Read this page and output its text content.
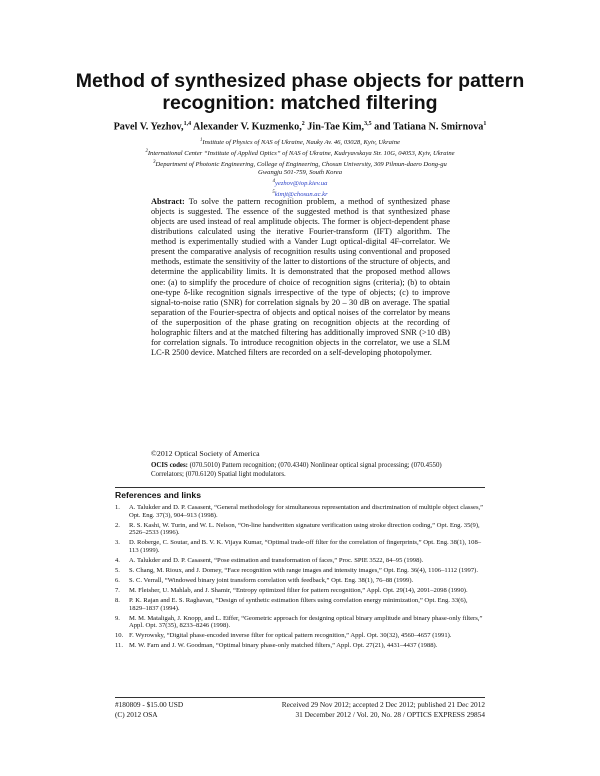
Method of synthesized phase objects for pattern
recognition: matched filtering
Pavel V. Yezhov,$^{1,4}$ Alexander V. Kuzmenko,$^2$ Jin-Tae Kim,$^{3,5}$ and Tatiana N. Smirnova$^1$
$^1$Institute of Physics of NAS of Ukraine, Nauky Av. 46, 03028, Kyiv, Ukraine
$^2$International Center “Institute of Applied Optics” of NAS of Ukraine, Kudryavskaya Str. 10G, 04053, Kyiv, Ukraine
$^3$Department of Photonic Engineering, College of Engineering, Chosun University, 309 Pilmun-daero Dong-gu
Gwangju 501-759, South Korea
$^4$yezhov@iop.kiev.ua
$^5$kimjt@chosun.ac.kr
Abstract: To solve the pattern recognition problem, a method of synthesized phase objects is suggested. The essence of the suggested method is that synthesized phase objects are used instead of real amplitude objects. The former is object-dependent phase distributions calculated using the iterative Fourier-transform (IFT) algorithm. The method is experimentally studied with a Vander Lugt optical-digital 4F-correlator. We present the comparative analysis of recognition results using conventional and proposed methods, estimate the sensitivity of the latter to distortions of the structure of objects, and determine the applicability limits. It is demonstrated that the proposed method allows one: (a) to simplify the procedure of choice of recognition signs (criteria); (b) to obtain one-type δ-like recognition signals irrespective of the type of objects; (c) to improve signal-to-noise ratio (SNR) for correlation signals by 20 – 30 dB on average. The spatial separation of the Fourier-spectra of objects and optical noises of the correlator by means of the superposition of the phase grating on recognition objects at the recording of holographic filters and at the matched filtering has additionally improved SNR (>10 dB) for correlation signals. To introduce recognition objects in the correlator, we use a SLM LC-R 2500 device. Matched filters are recorded on a self-developing photopolymer.
©2012 Optical Society of America
OCIS codes: (070.5010) Pattern recognition; (070.4340) Nonlinear optical signal processing; (070.4550) Correlators; (070.6120) Spatial light modulators.
References and links
1.	A. Talukder and D. P. Casasent, “General methodology for simultaneous representation and discrimination of multiple object classes,” Opt. Eng. 37(3), 904–913 (1998).
2.	R. S. Kashi, W. Turin, and W. L. Nelson, “On-line handwritten signature verification using stroke direction coding,” Opt. Eng. 35(9), 2526–2533 (1996).
3.	D. Roberge, C. Soutar, and B. V. K. Vijaya Kumar, “Optimal trade-off filter for the correlation of fingerprints,” Opt. Eng. 38(1), 108–113 (1999).
4.	A. Talukder and D. P. Casasent, “Pose estimation and transformation of faces,” Proc. SPIE 3522, 84–95 (1998).
5.	S. Chang, M. Rioux, and J. Domey, “Face recognition with range images and intensity images,” Opt. Eng. 36(4), 1106–1112 (1997).
6.	S. C. Verrall, “Windowed binary joint transform correlation with feedback,” Opt. Eng. 38(1), 76–88 (1999).
7.	M. Fleisher, U. Mahlab, and J. Shamir, “Entropy optimized filter for pattern recognition,” Appl. Opt. 29(14), 2091–2098 (1990).
8.	P. K. Rajan and E. S. Raghavan, “Design of synthetic estimation filters using correlation energy minimization,” Opt. Eng. 33(6), 1829–1837 (1994).
9.	M. M. Mataligah, J. Knopp, and L. Eiffer, “Geometric approach for designing optical binary amplitude and binary phase-only filters,” Appl. Opt. 37(35), 8233–8246 (1998).
10. F. Wyrowsky, “Digital phase-encoded inverse filter for optical pattern recognition,” Appl. Opt. 30(32), 4560–4657 (1991).
11. M. W. Farn and J. W. Goodman, “Optimal binary phase-only matched filters,” Appl. Opt. 27(21), 4431–4437 (1988).
#180809 - $15.00 USD
(C) 2012 OSA
Received 29 Nov 2012; accepted 2 Dec 2012; published 21 Dec 2012
31 December 2012 / Vol. 20, No. 28 / OPTICS EXPRESS 29854
